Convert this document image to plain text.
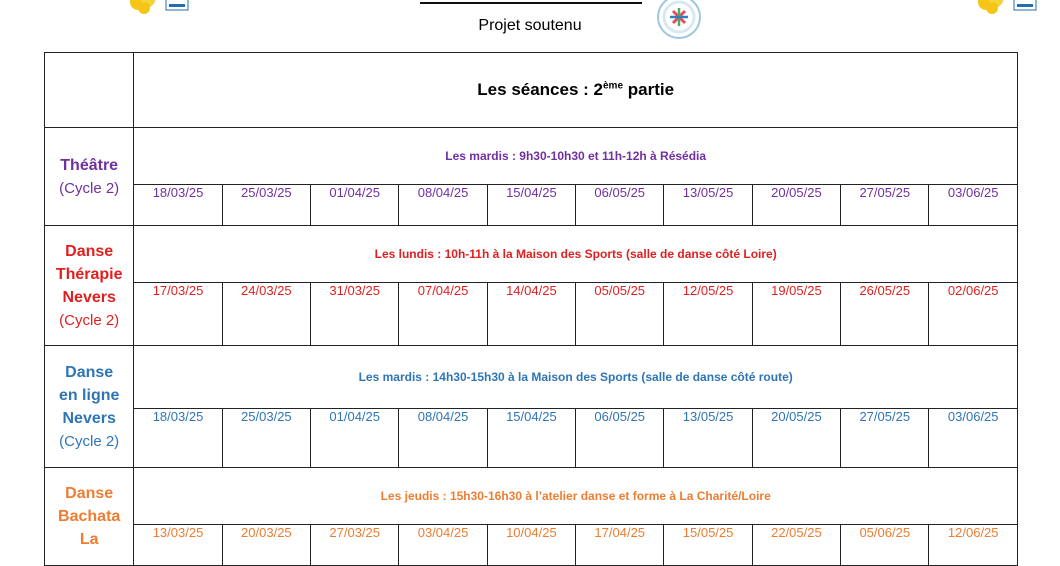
Projet soutenu
	Les séances : 2ème partie									

Théâtre
(Cycle 2)	Les mardis : 9h30-10h30 et 11h-12h à Résédia									
	18/03/25	25/03/25	01/04/25	08/04/25	15/04/25	06/05/25	13/05/25	20/05/25	27/05/25	03/06/25

Danse
Thérapie
Nevers
(Cycle 2)	Les lundis : 10h-11h à la Maison des Sports (salle de danse côté Loire)									
	17/03/25	24/03/25	31/03/25	07/04/25	14/04/25	05/05/25	12/05/25	19/05/25	26/05/25	02/06/25

Danse
en ligne
Nevers
(Cycle 2)	Les mardis : 14h30-15h30 à la Maison des Sports (salle de danse côté route)									
	18/03/25	25/03/25	01/04/25	08/04/25	15/04/25	06/05/25	13/05/25	20/05/25	27/05/25	03/06/25

Danse
Bachata
La	Les jeudis : 15h30-16h30 à l’atelier danse et forme à La Charité/Loire									
	13/03/25	20/03/25	27/03/25	03/04/25	10/04/25	17/04/25	15/05/25	22/05/25	05/06/25	12/06/25
